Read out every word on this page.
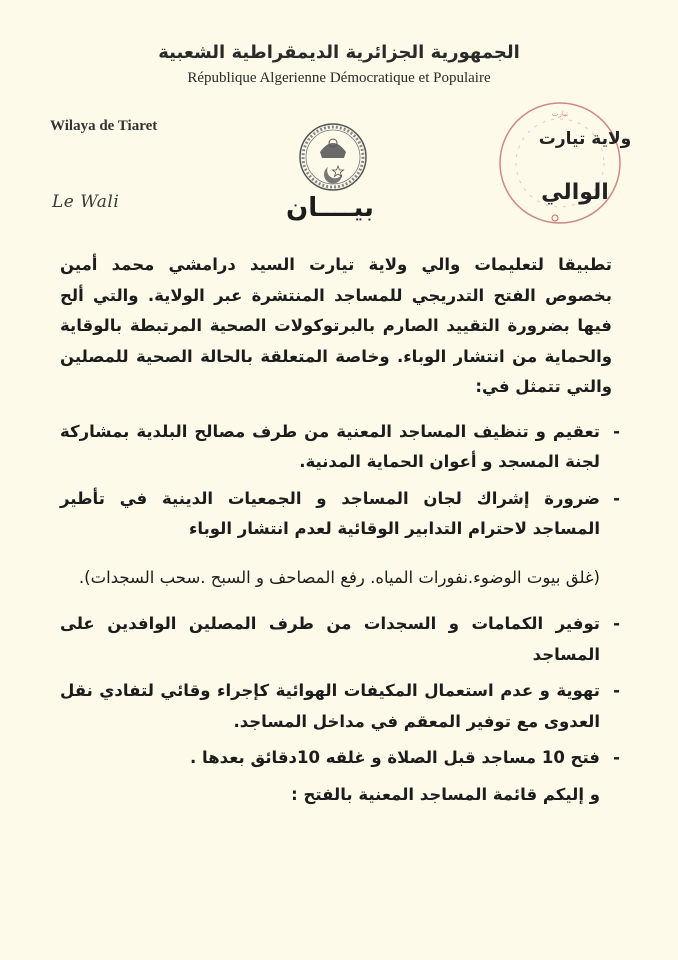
الجمهورية الجزائرية الديمقراطية الشعبية
République Algerienne Démocratique et Populaire
Wilaya de Tiaret
Le Wali	بيــــان
تيارت
ولاية تيارت
الوالي

تطبيقا لتعليمات والي ولاية تيارت السيد درامشي محمد أمين بخصوص الفتح التدريجي للمساجد المنتشرة عبر الولاية. والتي ألح فيها بضرورة التقييد الصارم بالبرتوكولات الصحية المرتبطة بالوقاية والحماية من انتشار الوباء. وخاصة المتعلقة بالحالة الصحية للمصلين والتي تتمثل في:

-
تعقيم و تنظيف المساجد المعنية من طرف مصالح البلدية بمشاركة لجنة المسجد و أعوان الحماية المدنية.
-
ضرورة إشراك لجان المساجد و الجمعيات الدينية في تأطير المساجد لاحترام التدابير الوقائية لعدم انتشار الوباء

(غلق بيوت الوضوء.نفورات المياه. رفع المصاحف و السبح .سحب السجدات).

-
توفير الكمامات و السجدات من طرف المصلين الوافدين على المساجد
-
تهوية و عدم استعمال المكيفات الهوائية كإجراء وقائي لتفادي نقل العدوى مع توفير المعقم في مداخل المساجد.
-
فتح 10 مساجد قبل الصلاة و غلقه 10دقائق بعدها .

و إليكم قائمة المساجد المعنية بالفتح :
